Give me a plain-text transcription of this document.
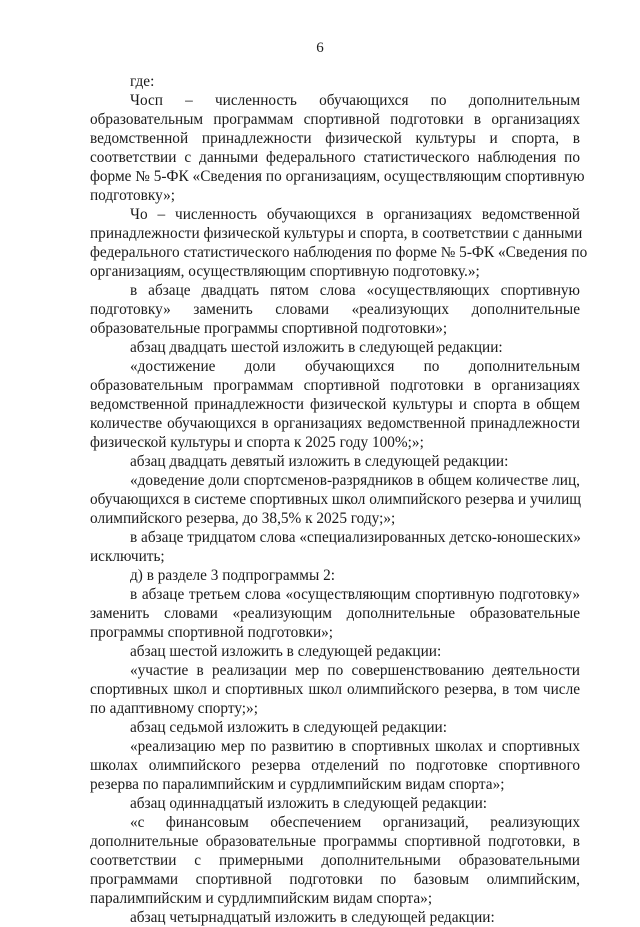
6
где:
Чосп – численность обучающихся по дополнительным
образовательным программам спортивной подготовки в организациях
ведомственной принадлежности физической культуры и спорта, в
соответствии с данными федерального статистического наблюдения по
форме № 5-ФК «Сведения по организациям, осуществляющим спортивную
подготовку»;
Чо – численность обучающихся в организациях ведомственной
принадлежности физической культуры и спорта, в соответствии с данными
федерального статистического наблюдения по форме № 5-ФК «Сведения по
организациям, осуществляющим спортивную подготовку.»;
в абзаце двадцать пятом слова «осуществляющих спортивную
подготовку» заменить словами «реализующих дополнительные
образовательные программы спортивной подготовки»;
абзац двадцать шестой изложить в следующей редакции:
«достижение доли обучающихся по дополнительным
образовательным программам спортивной подготовки в организациях
ведомственной принадлежности физической культуры и спорта в общем
количестве обучающихся в организациях ведомственной принадлежности
физической культуры и спорта к 2025 году 100%;»;
абзац двадцать девятый изложить в следующей редакции:
«доведение доли спортсменов-разрядников в общем количестве лиц,
обучающихся в системе спортивных школ олимпийского резерва и училищ
олимпийского резерва, до 38,5% к 2025 году;»;
в абзаце тридцатом слова «специализированных детско-юношеских»
исключить;
д) в разделе 3 подпрограммы 2:
в абзаце третьем слова «осуществляющим спортивную подготовку»
заменить словами «реализующим дополнительные образовательные
программы спортивной подготовки»;
абзац шестой изложить в следующей редакции:
«участие в реализации мер по совершенствованию деятельности
спортивных школ и спортивных школ олимпийского резерва, в том числе
по адаптивному спорту;»;
абзац седьмой изложить в следующей редакции:
«реализацию мер по развитию в спортивных школах и спортивных
школах олимпийского резерва отделений по подготовке спортивного
резерва по паралимпийским и сурдлимпийским видам спорта»;
абзац одиннадцатый изложить в следующей редакции:
«с финансовым обеспечением организаций, реализующих
дополнительные образовательные программы спортивной подготовки, в
соответствии с примерными дополнительными образовательными
программами спортивной подготовки по базовым олимпийским,
паралимпийским и сурдлимпийским видам спорта»;
абзац четырнадцатый изложить в следующей редакции:
